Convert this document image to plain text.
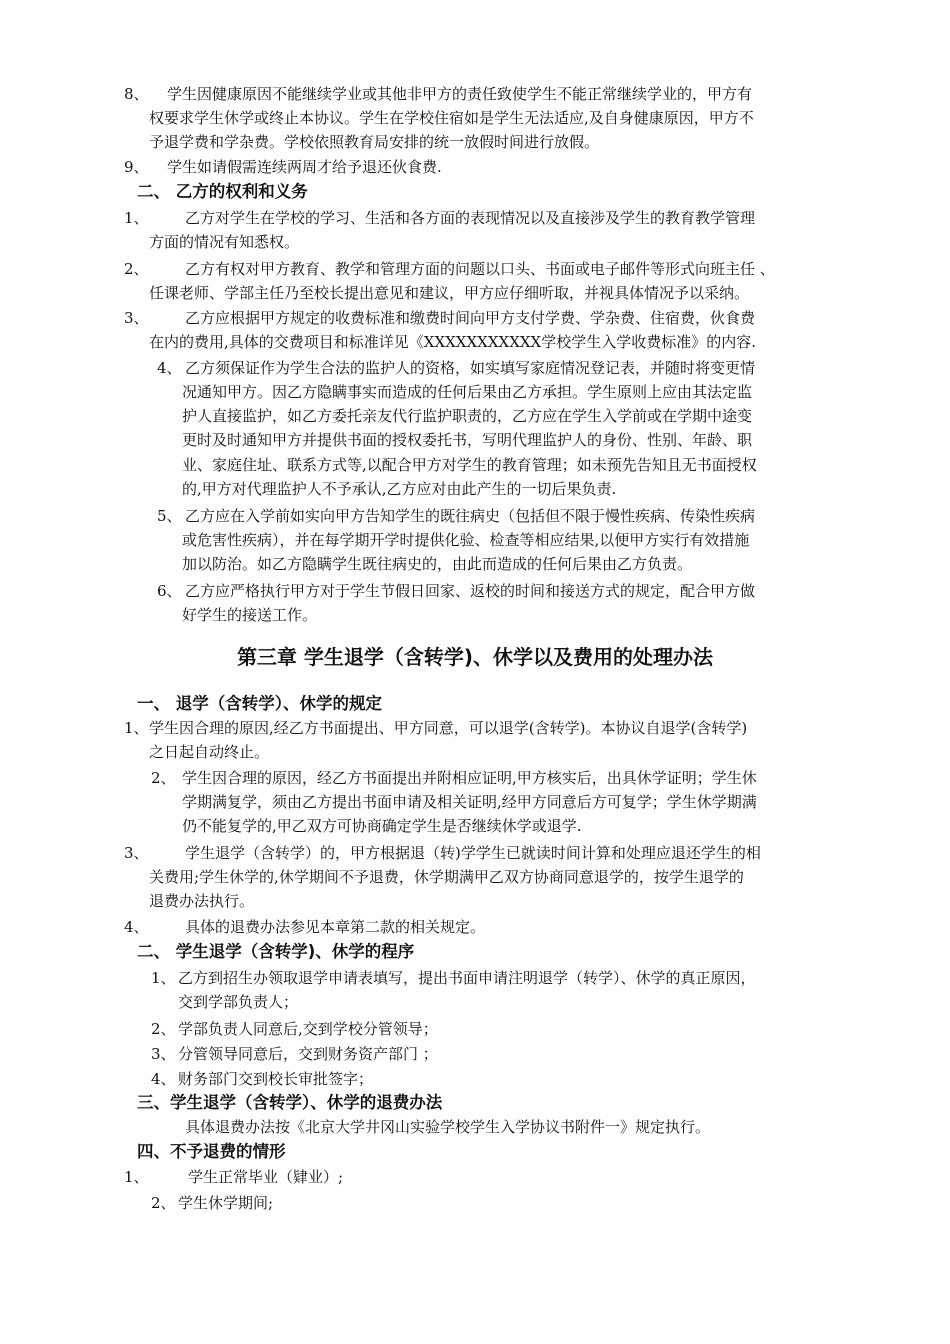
8、 学生因健康原因不能继续学业或其他非甲方的责任致使学生不能正常继续学业的，甲方有
权要求学生休学或终止本协议。学生在学校住宿如是学生无法适应,及自身健康原因，甲方不
予退学费和学杂费。学校依照教育局安排的统一放假时间进行放假。
9、 学生如请假需连续两周才给予退还伙食费.
二、 乙方的权利和义务
1、 乙方对学生在学校的学习、生活和各方面的表现情况以及直接涉及学生的教育教学管理
方面的情况有知悉权。
2、 乙方有权对甲方教育、教学和管理方面的问题以口头、书面或电子邮件等形式向班主任 、
任课老师、学部主任乃至校长提出意见和建议，甲方应仔细听取，并视具体情况予以采纳。
3、 乙方应根据甲方规定的收费标准和缴费时间向甲方支付学费、学杂费、住宿费，伙食费
在内的费用,具体的交费项目和标准详见《XXXXXXXXXXX学校学生入学收费标准》的内容.
4、 乙方须保证作为学生合法的监护人的资格，如实填写家庭情况登记表，并随时将变更情
况通知甲方。因乙方隐瞒事实而造成的任何后果由乙方承担。学生原则上应由其法定监
护人直接监护，如乙方委托亲友代行监护职责的，乙方应在学生入学前或在学期中途变
更时及时通知甲方并提供书面的授权委托书，写明代理监护人的身份、性别、年龄、职
业、家庭住址、联系方式等,以配合甲方对学生的教育管理；如未预先告知且无书面授权
的,甲方对代理监护人不予承认,乙方应对由此产生的一切后果负责.
5、 乙方应在入学前如实向甲方告知学生的既往病史（包括但不限于慢性疾病、传染性疾病
或危害性疾病），并在每学期开学时提供化验、检查等相应结果,以便甲方实行有效措施
加以防治。如乙方隐瞒学生既往病史的，由此而造成的任何后果由乙方负责。
6、 乙方应严格执行甲方对于学生节假日回家、返校的时间和接送方式的规定，配合甲方做
好学生的接送工作。
第三章 学生退学（含转学)、休学以及费用的处理办法
一、 退学（含转学）、休学的规定
1、 学生因合理的原因,经乙方书面提出、甲方同意，可以退学(含转学)。本协议自退学(含转学)
之日起自动终止。
2、 学生因合理的原因，经乙方书面提出并附相应证明,甲方核实后，出具休学证明；学生休
学期满复学，须由乙方提出书面申请及相关证明,经甲方同意后方可复学；学生休学期满
仍不能复学的,甲乙双方可协商确定学生是否继续休学或退学.
3、 学生退学（含转学）的，甲方根据退（转)学学生已就读时间计算和处理应退还学生的相
关费用;学生休学的,休学期间不予退费，休学期满甲乙双方协商同意退学的，按学生退学的
退费办法执行。
4、 具体的退费办法参见本章第二款的相关规定。
二、 学生退学（含转学)、休学的程序
1、 乙方到招生办领取退学申请表填写，提出书面申请注明退学（转学）、休学的真正原因，
交到学部负责人；
2、 学部负责人同意后,交到学校分管领导；
3、 分管领导同意后，交到财务资产部门 ；
4、 财务部门交到校长审批签字；
三、学生退学（含转学）、休学的退费办法
具体退费办法按《北京大学井冈山实验学校学生入学协议书附件一》规定执行。
四、不予退费的情形
1、	学生正常毕业（肄业）;
2、 学生休学期间;
